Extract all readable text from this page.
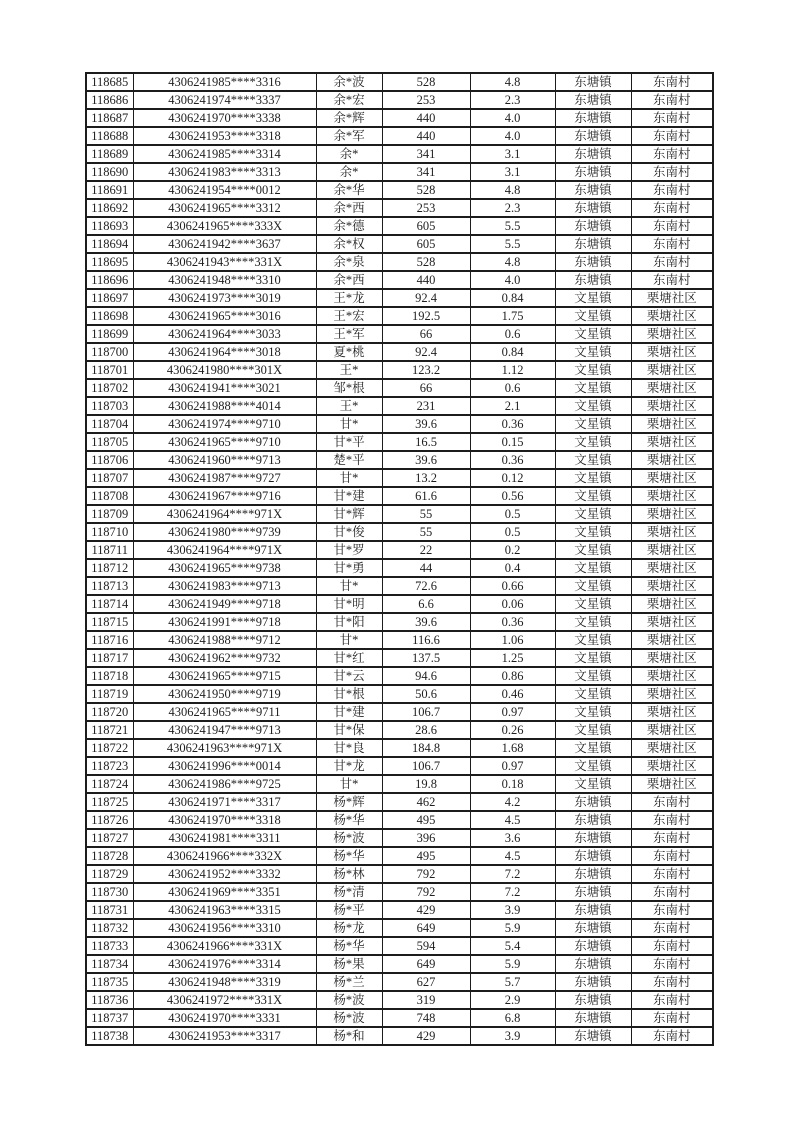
118685	4306241985****3316	余*波	528	4.8	东塘镇	东南村
118686	4306241974****3337	余*宏	253	2.3	东塘镇	东南村
118687	4306241970****3338	余*辉	440	4.0	东塘镇	东南村
118688	4306241953****3318	余*军	440	4.0	东塘镇	东南村
118689	4306241985****3314	余*	341	3.1	东塘镇	东南村
118690	4306241983****3313	余*	341	3.1	东塘镇	东南村
118691	4306241954****0012	余*华	528	4.8	东塘镇	东南村
118692	4306241965****3312	余*西	253	2.3	东塘镇	东南村
118693	4306241965****333X	余*德	605	5.5	东塘镇	东南村
118694	4306241942****3637	余*权	605	5.5	东塘镇	东南村
118695	4306241943****331X	余*泉	528	4.8	东塘镇	东南村
118696	4306241948****3310	余*西	440	4.0	东塘镇	东南村
118697	4306241973****3019	王*龙	92.4	0.84	文星镇	栗塘社区
118698	4306241965****3016	王*宏	192.5	1.75	文星镇	栗塘社区
118699	4306241964****3033	王*军	66	0.6	文星镇	栗塘社区
118700	4306241964****3018	夏*桃	92.4	0.84	文星镇	栗塘社区
118701	4306241980****301X	王*	123.2	1.12	文星镇	栗塘社区
118702	4306241941****3021	邹*根	66	0.6	文星镇	栗塘社区
118703	4306241988****4014	王*	231	2.1	文星镇	栗塘社区
118704	4306241974****9710	甘*	39.6	0.36	文星镇	栗塘社区
118705	4306241965****9710	甘*平	16.5	0.15	文星镇	栗塘社区
118706	4306241960****9713	楚*平	39.6	0.36	文星镇	栗塘社区
118707	4306241987****9727	甘*	13.2	0.12	文星镇	栗塘社区
118708	4306241967****9716	甘*建	61.6	0.56	文星镇	栗塘社区
118709	4306241964****971X	甘*辉	55	0.5	文星镇	栗塘社区
118710	4306241980****9739	甘*俊	55	0.5	文星镇	栗塘社区
118711	4306241964****971X	甘*罗	22	0.2	文星镇	栗塘社区
118712	4306241965****9738	甘*勇	44	0.4	文星镇	栗塘社区
118713	4306241983****9713	甘*	72.6	0.66	文星镇	栗塘社区
118714	4306241949****9718	甘*明	6.6	0.06	文星镇	栗塘社区
118715	4306241991****9718	甘*阳	39.6	0.36	文星镇	栗塘社区
118716	4306241988****9712	甘*	116.6	1.06	文星镇	栗塘社区
118717	4306241962****9732	甘*红	137.5	1.25	文星镇	栗塘社区
118718	4306241965****9715	甘*云	94.6	0.86	文星镇	栗塘社区
118719	4306241950****9719	甘*根	50.6	0.46	文星镇	栗塘社区
118720	4306241965****9711	甘*建	106.7	0.97	文星镇	栗塘社区
118721	4306241947****9713	甘*保	28.6	0.26	文星镇	栗塘社区
118722	4306241963****971X	甘*良	184.8	1.68	文星镇	栗塘社区
118723	4306241996****0014	甘*龙	106.7	0.97	文星镇	栗塘社区
118724	4306241986****9725	甘*	19.8	0.18	文星镇	栗塘社区
118725	4306241971****3317	杨*辉	462	4.2	东塘镇	东南村
118726	4306241970****3318	杨*华	495	4.5	东塘镇	东南村
118727	4306241981****3311	杨*波	396	3.6	东塘镇	东南村
118728	4306241966****332X	杨*华	495	4.5	东塘镇	东南村
118729	4306241952****3332	杨*林	792	7.2	东塘镇	东南村
118730	4306241969****3351	杨*清	792	7.2	东塘镇	东南村
118731	4306241963****3315	杨*平	429	3.9	东塘镇	东南村
118732	4306241956****3310	杨*龙	649	5.9	东塘镇	东南村
118733	4306241966****331X	杨*华	594	5.4	东塘镇	东南村
118734	4306241976****3314	杨*果	649	5.9	东塘镇	东南村
118735	4306241948****3319	杨*兰	627	5.7	东塘镇	东南村
118736	4306241972****331X	杨*波	319	2.9	东塘镇	东南村
118737	4306241970****3331	杨*波	748	6.8	东塘镇	东南村
118738	4306241953****3317	杨*和	429	3.9	东塘镇	东南村
